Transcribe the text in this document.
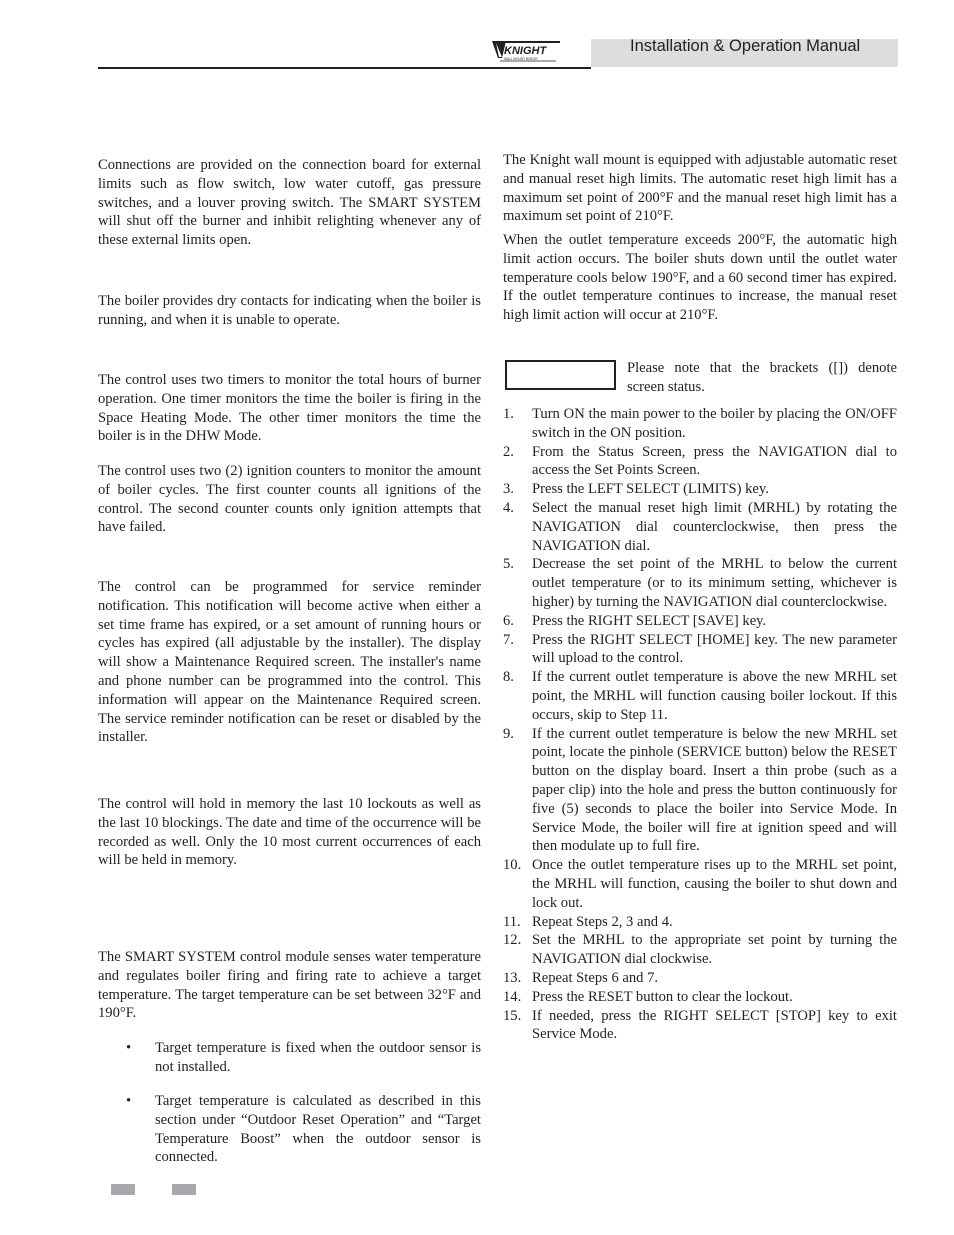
KNIGHT
WALL MOUNT BOILER
Installation & Operation Manual

Connections are provided on the connection board for external limits such as flow switch, low water cutoff, gas pressure switches, and a louver proving switch. The SMART SYSTEM will shut off the burner and inhibit relighting whenever any of these external limits open.

The boiler provides dry contacts for indicating when the boiler is running, and when it is unable to operate.

The control uses two timers to monitor the total hours of burner operation. One timer monitors the time the boiler is firing in the Space Heating Mode. The other timer monitors the time the boiler is in the DHW Mode.

The control uses two (2) ignition counters to monitor the amount of boiler cycles. The first counter counts all ignitions of the control. The second counter counts only ignition attempts that have failed.

The control can be programmed for service reminder notification. This notification will become active when either a set time frame has expired, or a set amount of running hours or cycles has expired (all adjustable by the installer). The display will show a Maintenance Required screen. The installer's name and phone number can be programmed into the control. This information will appear on the Maintenance Required screen. The service reminder notification can be reset or disabled by the installer.

The control will hold in memory the last 10 lockouts as well as the last 10 blockings. The date and time of the occurrence will be recorded as well. Only the 10 most current occurrences of each will be held in memory.

The SMART SYSTEM control module senses water temperature and regulates boiler firing and firing rate to achieve a target temperature. The target temperature can be set between 32°F and 190°F.

• Target temperature is fixed when the outdoor sensor is not installed.
• Target temperature is calculated as described in this section under “Outdoor Reset Operation” and “Target Temperature Boost” when the outdoor sensor is connected.

The Knight wall mount is equipped with adjustable automatic reset and manual reset high limits. The automatic reset high limit has a maximum set point of 200°F and the manual reset high limit has a maximum set point of 210°F.

When the outlet temperature exceeds 200°F, the automatic high limit action occurs. The boiler shuts down until the outlet water temperature cools below 190°F, and a 60 second timer has expired. If the outlet temperature continues to increase, the manual reset high limit action will occur at 210°F.

Please note that the brackets ([]) denote screen status.
1. Turn ON the main power to the boiler by placing the ON/OFF switch in the ON position.
2. From the Status Screen, press the NAVIGATION dial to access the Set Points Screen.
3. Press the LEFT SELECT (LIMITS) key.
4. Select the manual reset high limit (MRHL) by rotating the NAVIGATION dial counterclockwise, then press the NAVIGATION dial.
5. Decrease the set point of the MRHL to below the current outlet temperature (or to its minimum setting, whichever is higher) by turning the NAVIGATION dial counterclockwise.
6. Press the RIGHT SELECT [SAVE] key.
7. Press the RIGHT SELECT [HOME] key. The new parameter will upload to the control.
8. If the current outlet temperature is above the new MRHL set point, the MRHL will function causing boiler lockout. If this occurs, skip to Step 11.
9. If the current outlet temperature is below the new MRHL set point, locate the pinhole (SERVICE button) below the RESET button on the display board. Insert a thin probe (such as a paper clip) into the hole and press the button continuously for five (5) seconds to place the boiler into Service Mode. In Service Mode, the boiler will fire at ignition speed and will then modulate up to full fire.
10. Once the outlet temperature rises up to the MRHL set point, the MRHL will function, causing the boiler to shut down and lock out.
11. Repeat Steps 2, 3 and 4.
12. Set the MRHL to the appropriate set point by turning the NAVIGATION dial clockwise.
13. Repeat Steps 6 and 7.
14. Press the RESET button to clear the lockout.
15. If needed, press the RIGHT SELECT [STOP] key to exit Service Mode.
